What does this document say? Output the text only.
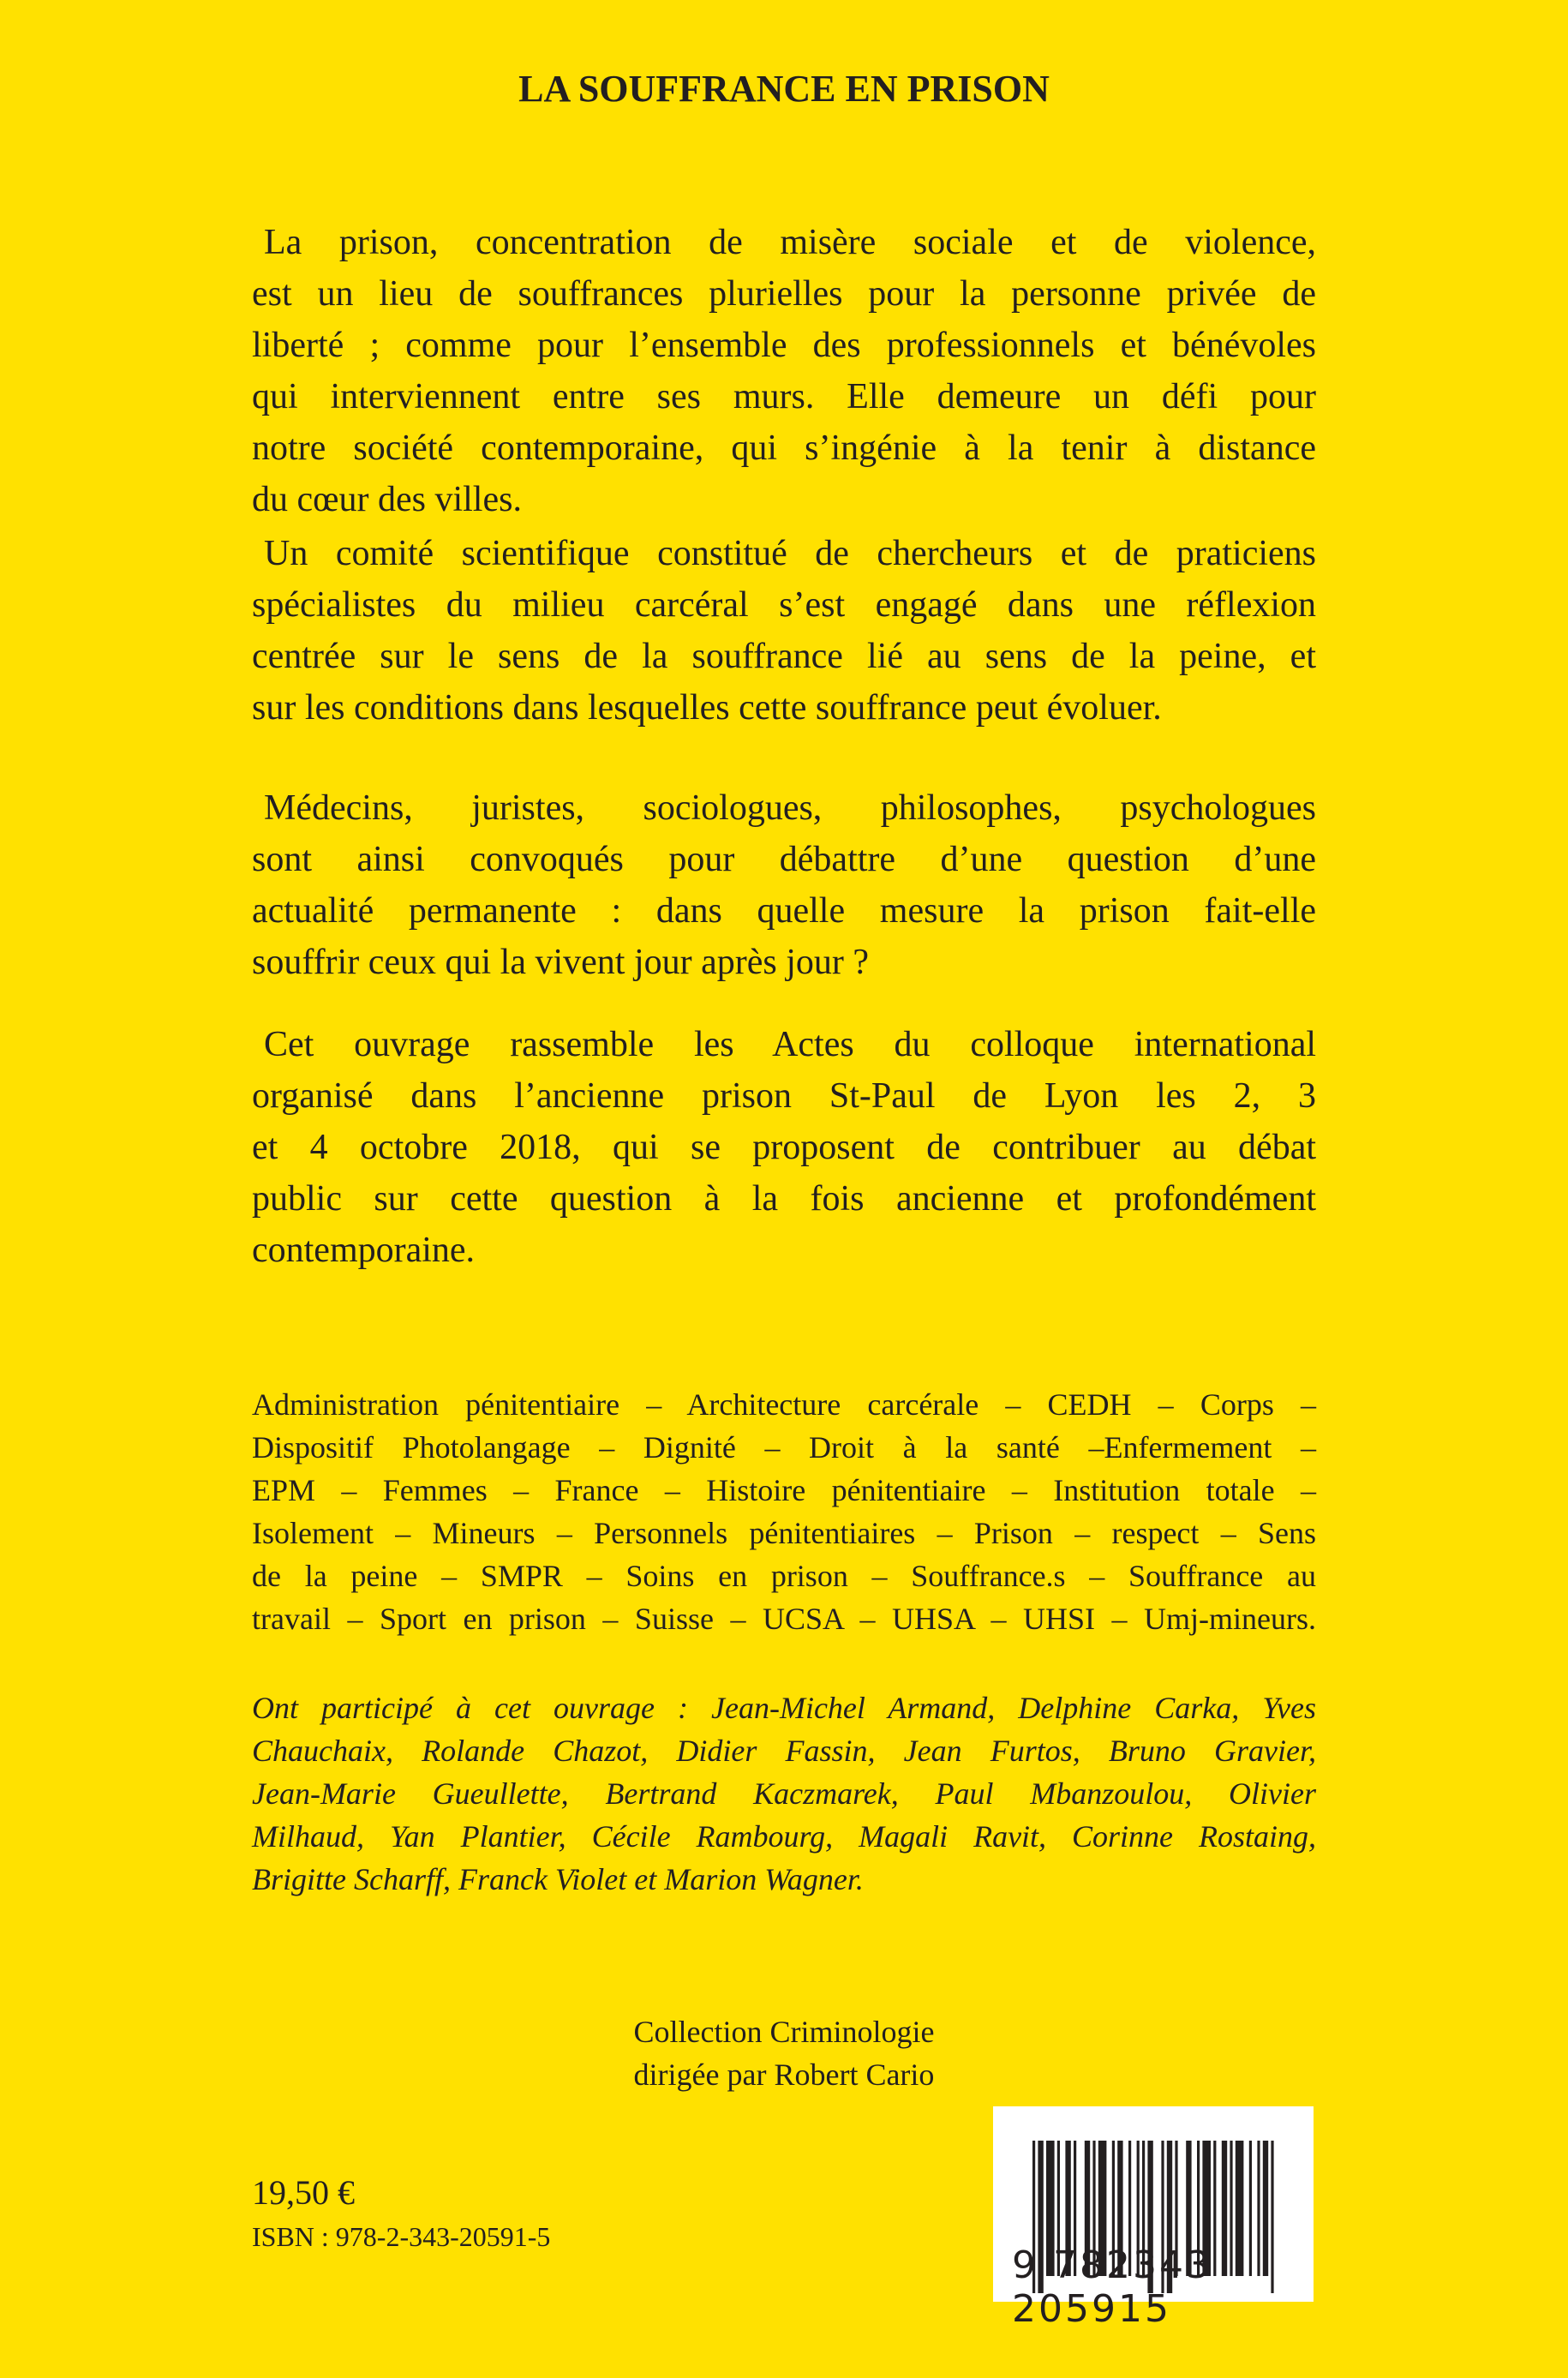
LA SOUFFRANCE EN PRISON
La prison, concentration de misère sociale et de violence,
est un lieu de souffrances plurielles pour la personne privée de
liberté ; comme pour l’ensemble des professionnels et bénévoles
qui interviennent entre ses murs. Elle demeure un défi pour
notre société contemporaine, qui s’ingénie à la tenir à distance
du cœur des villes.
Un comité scientifique constitué de chercheurs et de praticiens
spécialistes du milieu carcéral s’est engagé dans une réflexion
centrée sur le sens de la souffrance lié au sens de la peine, et
sur les conditions dans lesquelles cette souffrance peut évoluer.
Médecins, juristes, sociologues, philosophes, psychologues
sont ainsi convoqués pour débattre d’une question d’une
actualité permanente : dans quelle mesure la prison fait-elle
souffrir ceux qui la vivent jour après jour ?
Cet ouvrage rassemble les Actes du colloque international
organisé dans l’ancienne prison St-Paul de Lyon les 2, 3
et 4 octobre 2018, qui se proposent de contribuer au débat
public sur cette question à la fois ancienne et profondément
contemporaine.
Administration pénitentiaire – Architecture carcérale – CEDH – Corps –
Dispositif Photolangage – Dignité – Droit à la santé –Enfermement –
EPM – Femmes – France – Histoire pénitentiaire – Institution totale –
Isolement – Mineurs – Personnels pénitentiaires – Prison – respect – Sens
de la peine – SMPR – Soins en prison – Souffrance.s – Souffrance au
travail – Sport en prison – Suisse – UCSA – UHSA – UHSI – Umj-mineurs.
Ont participé à cet ouvrage : Jean-Michel Armand, Delphine Carka, Yves
Chauchaix, Rolande Chazot, Didier Fassin, Jean Furtos, Bruno Gravier,
Jean-Marie Gueullette, Bertrand Kaczmarek, Paul Mbanzoulou, Olivier
Milhaud, Yan Plantier, Cécile Rambourg, Magali Ravit, Corinne Rostaing,
Brigitte Scharff, Franck Violet et Marion Wagner.
Collection Criminologie
dirigée par Robert Cario
19,50 €
ISBN : 978-2-343-20591-5
9 782343 205915
